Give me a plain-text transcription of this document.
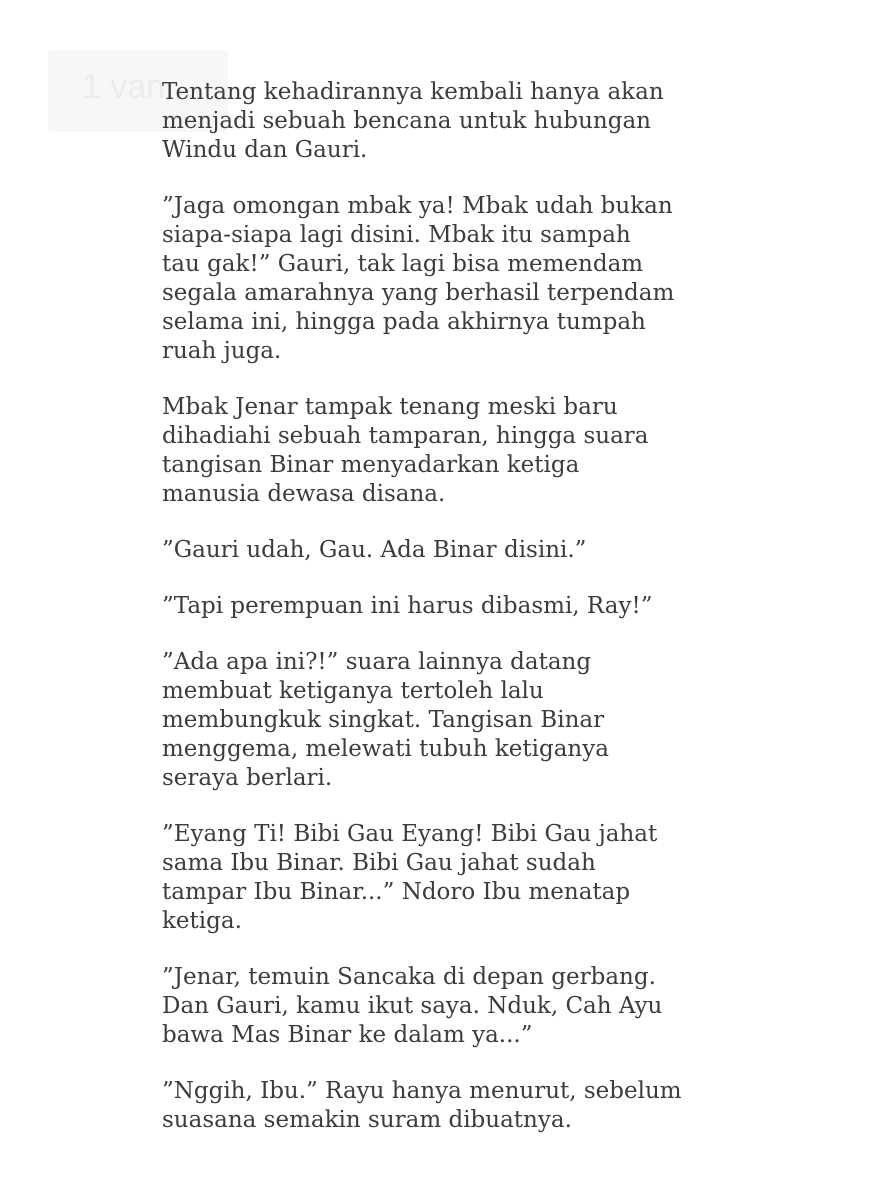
1 van...

Tentang kehadirannya kembali hanya akan
menjadi sebuah bencana untuk hubungan
Windu dan Gauri.

”Jaga omongan mbak ya! Mbak udah bukan
siapa-siapa lagi disini. Mbak itu sampah
tau gak!” Gauri, tak lagi bisa memendam
segala amarahnya yang berhasil terpendam
selama ini, hingga pada akhirnya tumpah
ruah juga.

Mbak Jenar tampak tenang meski baru
dihadiahi sebuah tamparan, hingga suara
tangisan Binar menyadarkan ketiga
manusia dewasa disana.

”Gauri udah, Gau. Ada Binar disini.”

”Tapi perempuan ini harus dibasmi, Ray!”

”Ada apa ini?!” suara lainnya datang
membuat ketiganya tertoleh lalu
membungkuk singkat. Tangisan Binar
menggema, melewati tubuh ketiganya
seraya berlari.

”Eyang Ti! Bibi Gau Eyang! Bibi Gau jahat
sama Ibu Binar. Bibi Gau jahat sudah
tampar Ibu Binar...” Ndoro Ibu menatap
ketiga.

”Jenar, temuin Sancaka di depan gerbang.
Dan Gauri, kamu ikut saya. Nduk, Cah Ayu
bawa Mas Binar ke dalam ya...”

”Nggih, Ibu.” Rayu hanya menurut, sebelum
suasana semakin suram dibuatnya.
